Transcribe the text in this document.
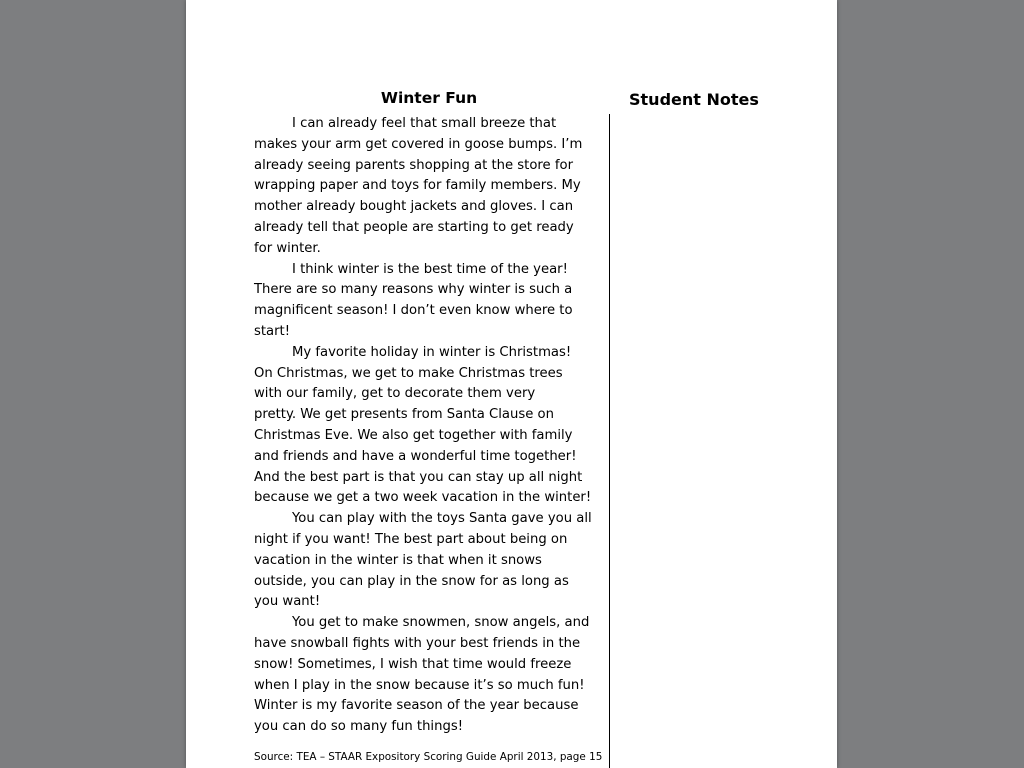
Winter Fun	Student Notes
I can already feel that small breeze that
makes your arm get covered in goose bumps. I’m
already seeing parents shopping at the store for
wrapping paper and toys for family members. My
mother already bought jackets and gloves. I can
already tell that people are starting to get ready
for winter.
I think winter is the best time of the year!
There are so many reasons why winter is such a
magnificent season! I don’t even know where to
start!
My favorite holiday in winter is Christmas!
On Christmas, we get to make Christmas trees
with our family, get to decorate them very
pretty. We get presents from Santa Clause on
Christmas Eve. We also get together with family
and friends and have a wonderful time together!
And the best part is that you can stay up all night
because we get a two week vacation in the winter!
You can play with the toys Santa gave you all
night if you want! The best part about being on
vacation in the winter is that when it snows
outside, you can play in the snow for as long as
you want!
You get to make snowmen, snow angels, and
have snowball fights with your best friends in the
snow! Sometimes, I wish that time would freeze
when I play in the snow because it’s so much fun!
Winter is my favorite season of the year because
you can do so many fun things!
Source: TEA – STAAR Expository Scoring Guide April 2013, page 15
